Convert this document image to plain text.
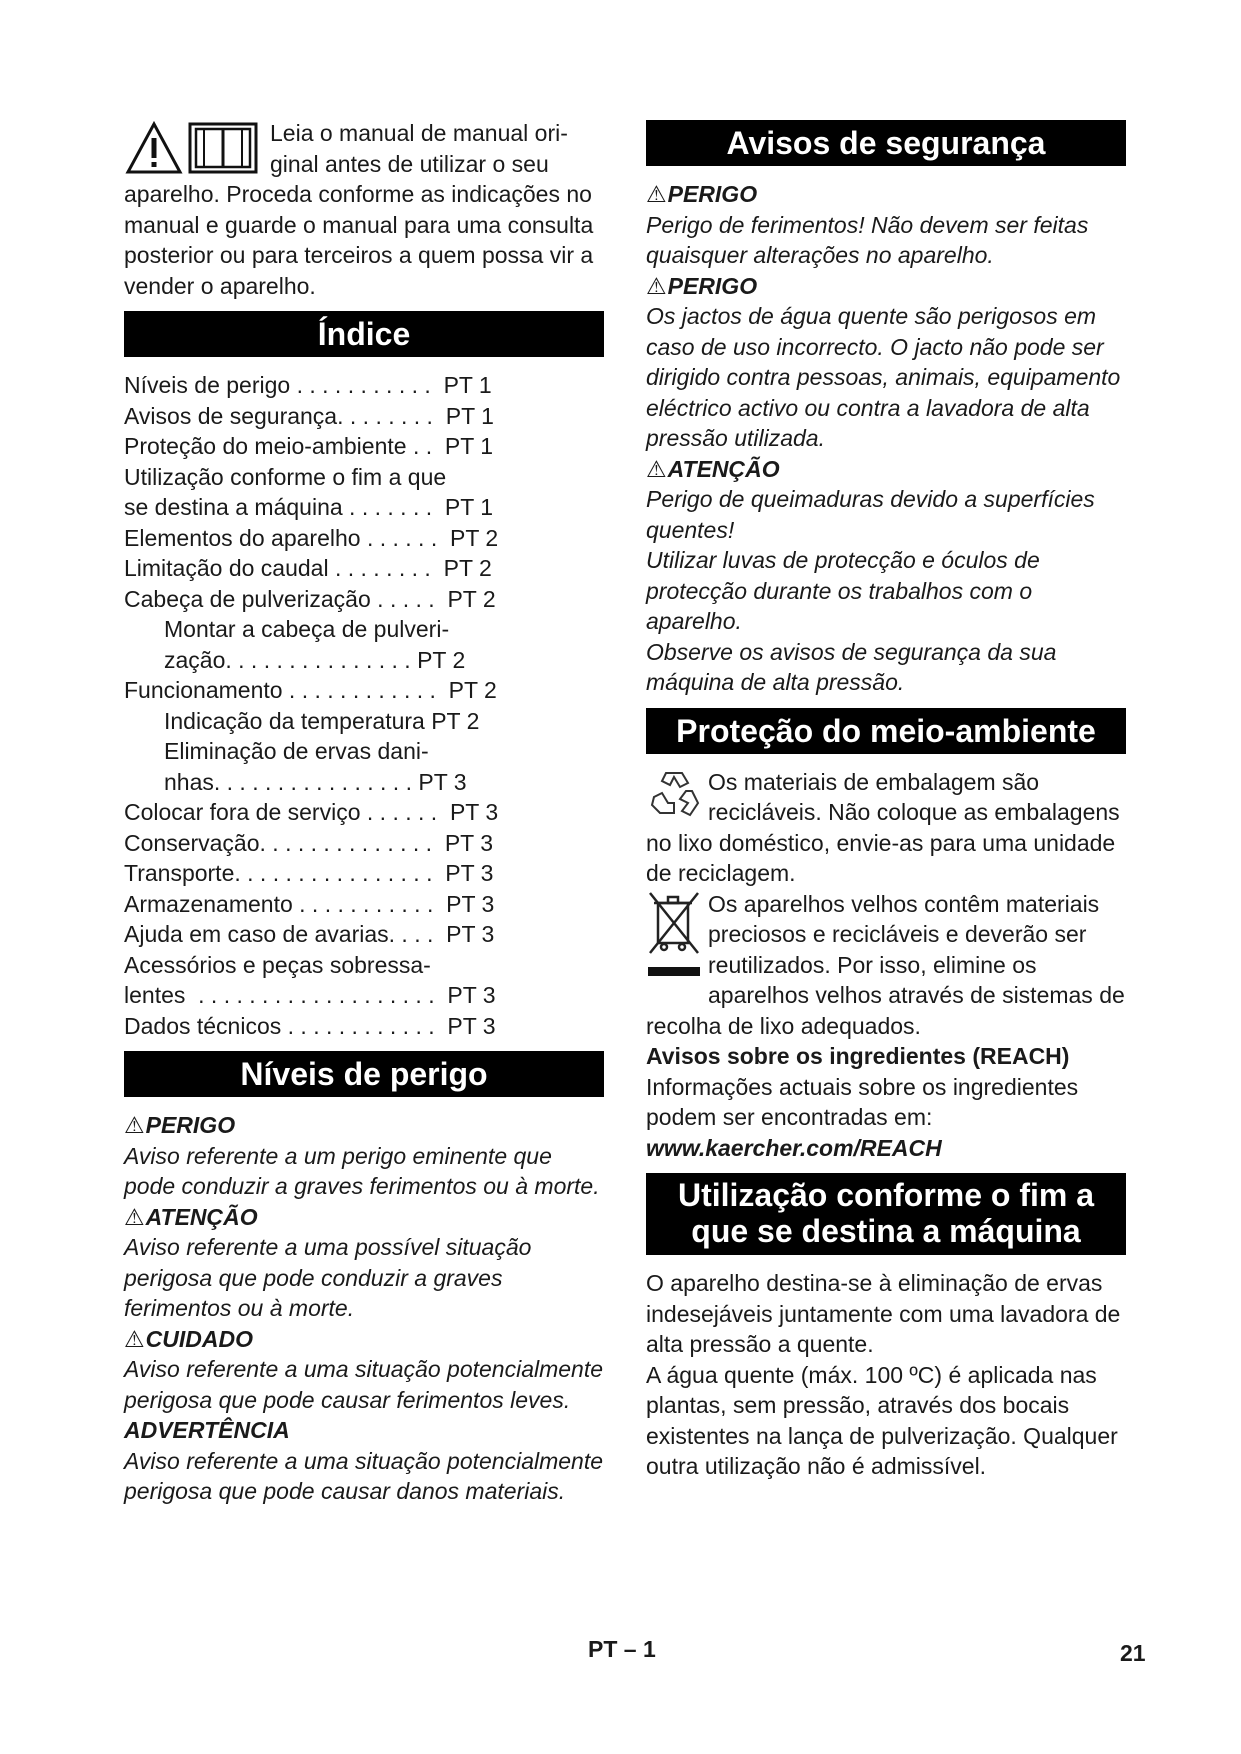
Leia o manual de manual ori-

ginal antes de utilizar o seu

aparelho. Proceda conforme as indicações no manual e guarde o manual para uma consulta posterior ou para terceiros a quem possa vir a vender o aparelho.

Índice
Níveis de perigo . . . . . . . . . . .  PT 1
Avisos de segurança. . . . . . . .  PT 1
Proteção do meio-ambiente . .  PT 1
Utilização conforme o fim a que
se destina a máquina . . . . . . .  PT 1
Elementos do aparelho . . . . . .  PT 2
Limitação do caudal . . . . . . . .  PT 2
Cabeça de pulverização . . . . .  PT 2
Montar a cabeça de pulveri-
zação. . . . . . . . . . . . . . . PT 2
Funcionamento . . . . . . . . . . . .  PT 2
Indicação da temperatura PT 2
Eliminação de ervas dani-
nhas. . . . . . . . . . . . . . . . PT 3
Colocar fora de serviço . . . . . .  PT 3
Conservação. . . . . . . . . . . . . .  PT 3
Transporte. . . . . . . . . . . . . . . .  PT 3
Armazenamento . . . . . . . . . . .  PT 3
Ajuda em caso de avarias. . . .  PT 3
Acessórios e peças sobressa-
lentes  . . . . . . . . . . . . . . . . . . .  PT 3
Dados técnicos . . . . . . . . . . . .  PT 3
Níveis de perigo

⚠PERIGO

Aviso referente a um perigo eminente que pode conduzir a graves ferimentos ou à morte.

⚠ATENÇÃO

Aviso referente a uma possível situação perigosa que pode conduzir a graves ferimentos ou à morte.

⚠CUIDADO

Aviso referente a uma situação potencialmente perigosa que pode causar ferimentos leves.

ADVERTÊNCIA

Aviso referente a uma situação potencialmente perigosa que pode causar danos materiais.

Avisos de segurança

⚠PERIGO

Perigo de ferimentos! Não devem ser feitas quaisquer alterações no aparelho.

⚠PERIGO

Os jactos de água quente são perigosos em caso de uso incorrecto. O jacto não pode ser dirigido contra pessoas, animais, equipamento eléctrico activo ou contra a lavadora de alta pressão utilizada.

⚠ATENÇÃO

Perigo de queimaduras devido a superfícies quentes!

Utilizar luvas de protecção e óculos de protecção durante os trabalhos com o aparelho.

Observe os avisos de segurança da sua máquina de alta pressão.

Proteção do meio-ambiente

Os materiais de embalagem são recicláveis. Não coloque as embalagens no lixo doméstico, envie-as para uma unidade de reciclagem.

Os aparelhos velhos contêm materiais preciosos e recicláveis e deverão ser reutilizados. Por isso, elimine os aparelhos velhos através de sistemas de recolha de lixo adequados.

Avisos sobre os ingredientes (REACH)

Informações actuais sobre os ingredientes podem ser encontradas em:

www.kaercher.com/REACH

Utilização conforme o fim a
que se destina a máquina

O aparelho destina-se à eliminação de ervas indesejáveis juntamente com uma lavadora de alta pressão a quente.

A água quente (máx. 100 ºC) é aplicada nas plantas, sem pressão, através dos bocais existentes na lança de pulverização. Qualquer outra utilização não é admissível.

PT – 1	21
